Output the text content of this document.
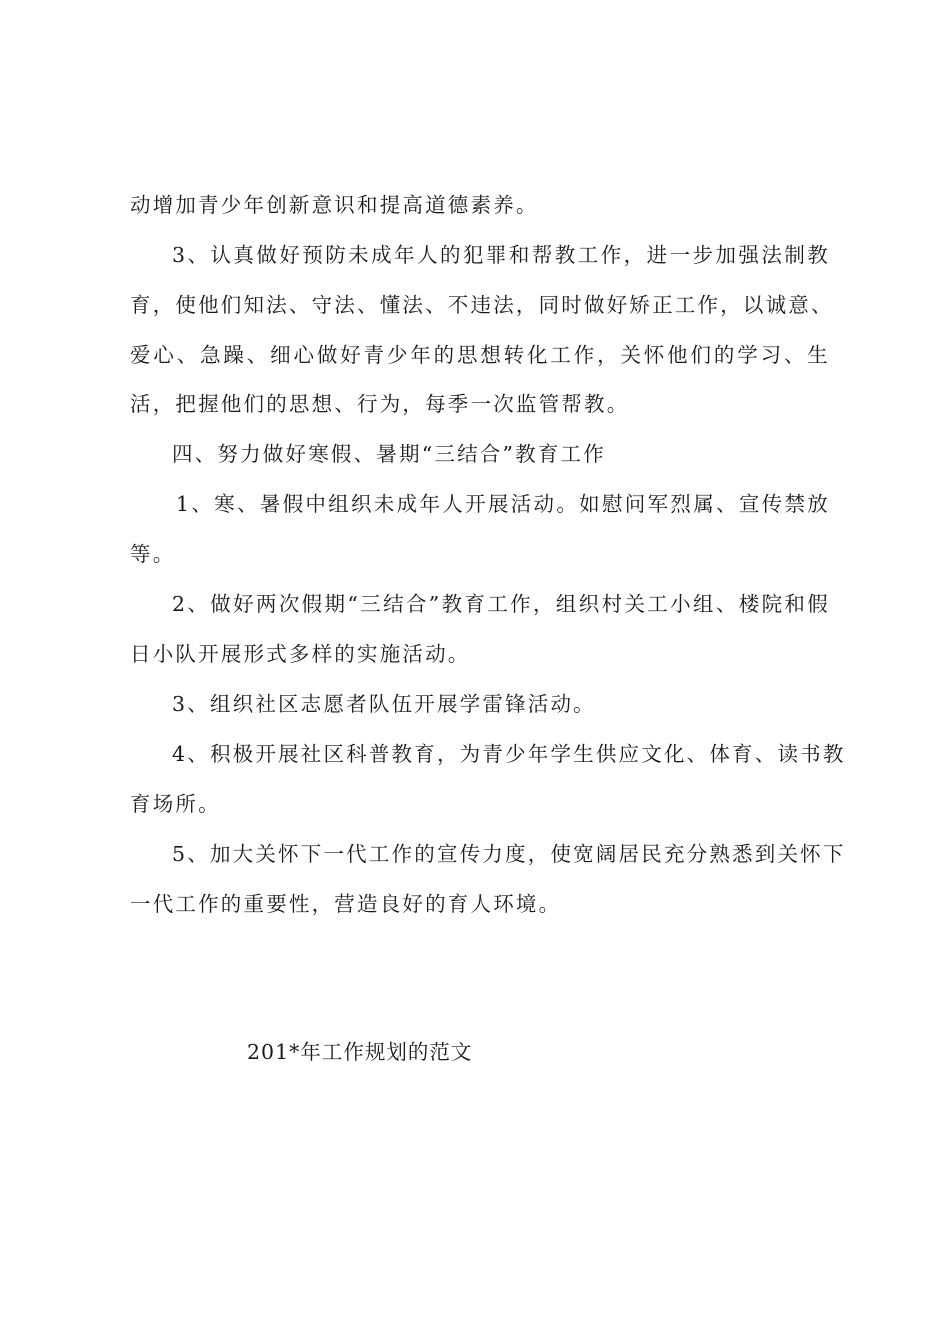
动增加青少年创新意识和提高道德素养。
3、认真做好预防未成年人的犯罪和帮教工作，进一步加强法制教
育，使他们知法、守法、懂法、不违法，同时做好矫正工作，以诚意、
爱心、急躁、细心做好青少年的思想转化工作，关怀他们的学习、生
活，把握他们的思想、行为，每季一次监管帮教。
四、努力做好寒假、暑期“三结合”教育工作
1、寒、暑假中组织未成年人开展活动。如慰问军烈属、宣传禁放
等。
2、做好两次假期“三结合”教育工作，组织村关工小组、楼院和假
日小队开展形式多样的实施活动。
3、组织社区志愿者队伍开展学雷锋活动。
4、积极开展社区科普教育，为青少年学生供应文化、体育、读书教
育场所。
5、加大关怀下一代工作的宣传力度，使宽阔居民充分熟悉到关怀下
一代工作的重要性，营造良好的育人环境。
201*年工作规划的范文
